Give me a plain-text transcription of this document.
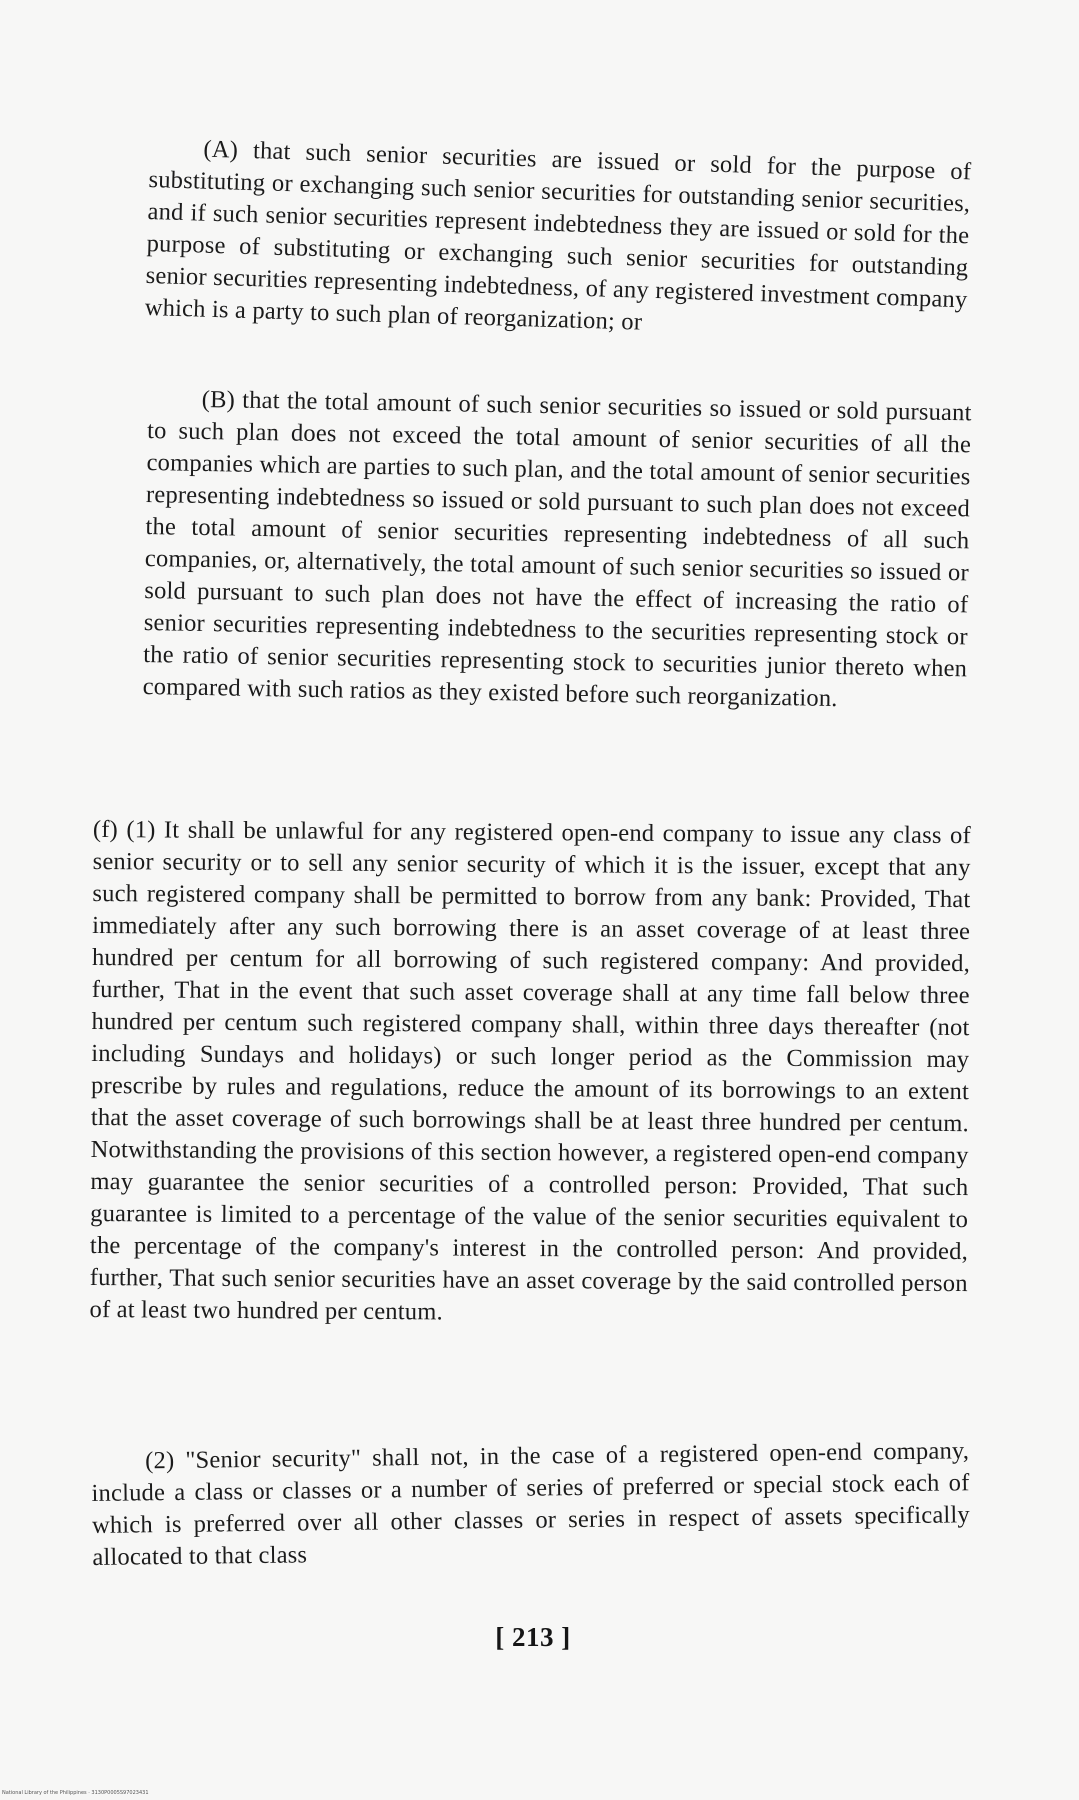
(A) that such senior securities are issued or sold for the purpose of substituting or exchanging such senior securities for outstanding senior securities, and if such senior securities represent indebtedness they are issued or sold for the purpose of substituting or exchanging such senior securities for outstanding senior securities representing indebtedness, of any registered investment company which is a party to such plan of reorganization; or

(B) that the total amount of such senior securities so issued or sold pursuant to such plan does not exceed the total amount of senior securities of all the companies which are parties to such plan, and the total amount of senior securities representing indebtedness so issued or sold pursuant to such plan does not exceed the total amount of senior securities representing indebtedness of all such companies, or, alternatively, the total amount of such senior securities so issued or sold pursuant to such plan does not have the effect of increasing the ratio of senior securities representing indebtedness to the securities representing stock or the ratio of senior securities representing stock to securities junior thereto when compared with such ratios as they existed before such reorganization.

(f) (1) It shall be unlawful for any registered open-end company to issue any class of senior security or to sell any senior security of which it is the issuer, except that any such registered company shall be permitted to borrow from any bank: Provided, That immediately after any such borrowing there is an asset coverage of at least three hundred per centum for all borrowing of such registered company: And provided, further, That in the event that such asset coverage shall at any time fall below three hundred per centum such registered company shall, within three days thereafter (not including Sundays and holidays) or such longer period as the Commission may prescribe by rules and regulations, reduce the amount of its borrowings to an extent that the asset coverage of such borrowings shall be at least three hundred per centum. Notwithstanding the provisions of this section however, a registered open-end company may guarantee the senior securities of a controlled person: Provided, That such guarantee is limited to a percentage of the value of the senior securities equivalent to the percentage of the company's interest in the controlled person: And provided, further, That such senior securities have an asset coverage by the said controlled person of at least two hundred per centum.

(2) "Senior security" shall not, in the case of a registered open-end company, include a class or classes or a number of series of preferred or special stock each of which is preferred over all other classes or series in respect of assets specifically allocated to that class

[ 213 ]
National Library of the Philippines · 3130P0005S97023431
